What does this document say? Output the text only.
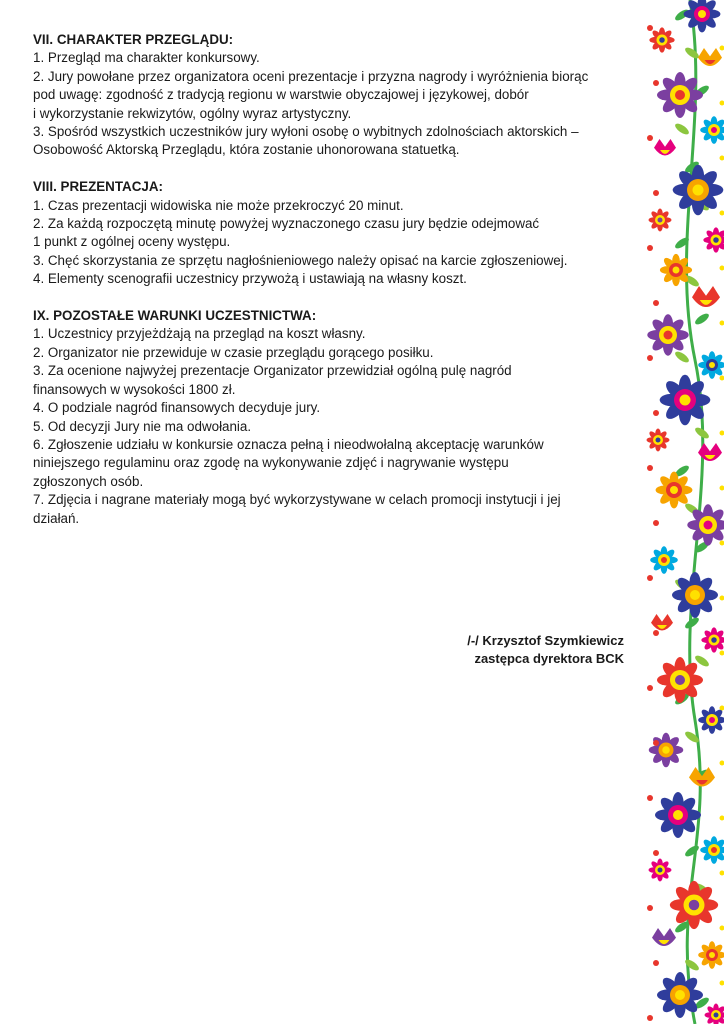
VII. CHARAKTER PRZEGLĄDU:
1. Przegląd ma charakter konkursowy.
2. Jury powołane przez organizatora oceni prezentacje i przyzna nagrody i wyróżnienia biorąc
pod uwagę: zgodność z tradycją regionu w warstwie obyczajowej i językowej, dobór
i wykorzystanie rekwizytów, ogólny wyraz artystyczny.
3. Spośród wszystkich uczestników jury wyłoni osobę o wybitnych zdolnościach aktorskich –
Osobowość Aktorską Przeglądu, która zostanie uhonorowana statuetką.
VIII. PREZENTACJA:
1. Czas prezentacji widowiska nie może przekroczyć 20 minut.
2. Za każdą rozpoczętą minutę powyżej wyznaczonego czasu jury będzie odejmować
1 punkt z ogólnej oceny występu.
3. Chęć skorzystania ze sprzętu nagłośnieniowego należy opisać na karcie zgłoszeniowej.
4. Elementy scenografii uczestnicy przywożą i ustawiają na własny koszt.
IX. POZOSTAŁE WARUNKI UCZESTNICTWA:
1. Uczestnicy przyjeżdżają na przegląd na koszt własny.
2. Organizator nie przewiduje w czasie przeglądu gorącego posiłku.
3. Za ocenione najwyżej prezentacje Organizator przewidział ogólną pulę nagród
finansowych w wysokości 1800 zł.
4. O podziale nagród finansowych decyduje jury.
5. Od decyzji Jury nie ma odwołania.
6. Zgłoszenie udziału w konkursie oznacza pełną i nieodwołalną akceptację warunków
niniejszego regulaminu oraz zgodę na wykonywanie zdjęć i nagrywanie występu
zgłoszonych osób.
7. Zdjęcia i nagrane materiały mogą być wykorzystywane w celach promocji instytucji i jej
działań.
/-/ Krzysztof Szymkiewicz
zastępca dyrektora BCK
